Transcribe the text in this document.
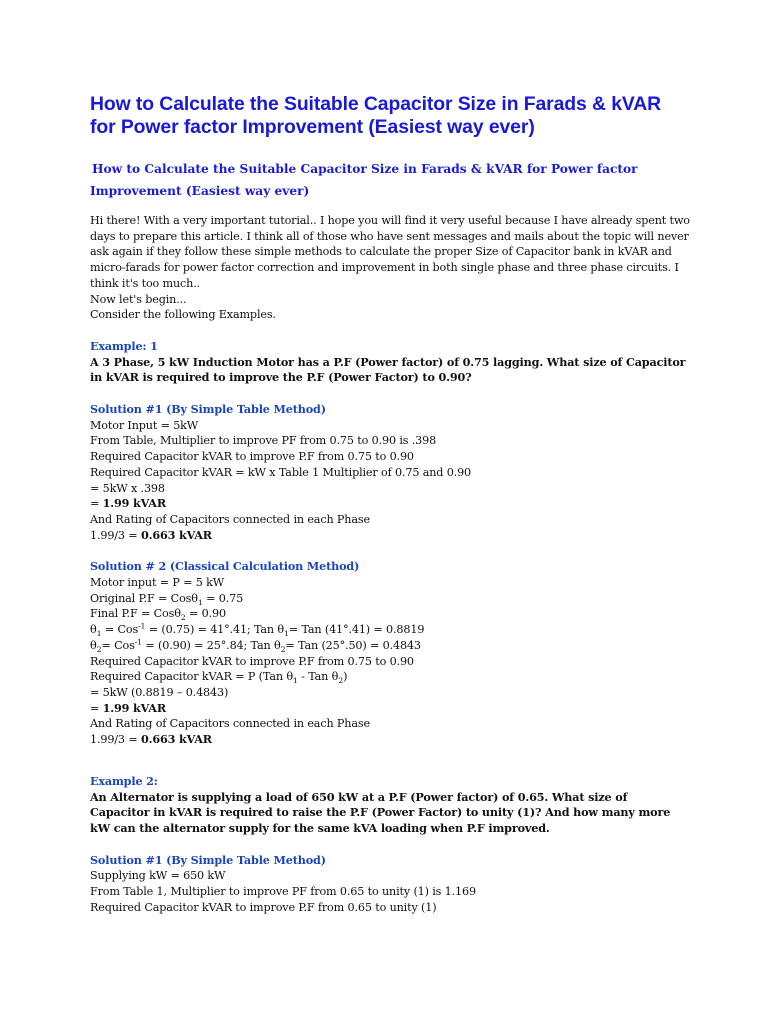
How to Calculate the Suitable Capacitor Size in Farads & kVAR for Power factor Improvement (Easiest way ever)

How to Calculate the Suitable Capacitor Size in Farads & kVAR for Power factor Improvement (Easiest way ever)

Hi there! With a very important tutorial.. I hope you will find it very useful because I have already spent two days to prepare this article. I think all of those who have sent messages and mails about the topic will never ask again if they follow these simple methods to calculate the proper Size of Capacitor bank in kVAR and micro-farads for power factor correction and improvement in both single phase and three phase circuits. I think it's too much..

Now let's begin...

Consider the following Examples.

Example: 1

A 3 Phase, 5 kW Induction Motor has a P.F (Power factor) of 0.75 lagging. What size of Capacitor in kVAR is required to improve the P.F (Power Factor) to 0.90?

Solution #1 (By Simple Table Method)

Motor Input = 5kW

From Table, Multiplier to improve PF from 0.75 to 0.90 is .398

Required Capacitor kVAR to improve P.F from 0.75 to 0.90

Required Capacitor kVAR = kW x Table 1 Multiplier of 0.75 and 0.90

= 5kW x .398

= 1.99 kVAR

And Rating of Capacitors connected in each Phase

1.99/3 = 0.663 kVAR

Solution # 2 (Classical Calculation Method)

Motor input = P = 5 kW

Original P.F = Cosθ$_1$ = 0.75

Final P.F = Cosθ$_2$ = 0.90

$\theta_1 = Cos^{-1} = (0.75) = 41^\circ.41$; Tan $\theta_1=$ Tan (41°.41) = 0.8819

$\theta_2= Cos^{-1} = (0.90) = 25^\circ.84$; Tan $\theta_2=$ Tan (25°.50) = 0.4843

Required Capacitor kVAR to improve P.F from 0.75 to 0.90

Required Capacitor kVAR = P (Tan $\theta_1$ - Tan $\theta_2$)

= 5kW (0.8819 – 0.4843)

= 1.99 kVAR

And Rating of Capacitors connected in each Phase

1.99/3 = 0.663 kVAR

Example 2:

An Alternator is supplying a load of 650 kW at a P.F (Power factor) of 0.65. What size of Capacitor in kVAR is required to raise the P.F (Power Factor) to unity (1)? And how many more kW can the alternator supply for the same kVA loading when P.F improved.

Solution #1 (By Simple Table Method)

Supplying kW = 650 kW

From Table 1, Multiplier to improve PF from 0.65 to unity (1) is 1.169

Required Capacitor kVAR to improve P.F from 0.65 to unity (1)
